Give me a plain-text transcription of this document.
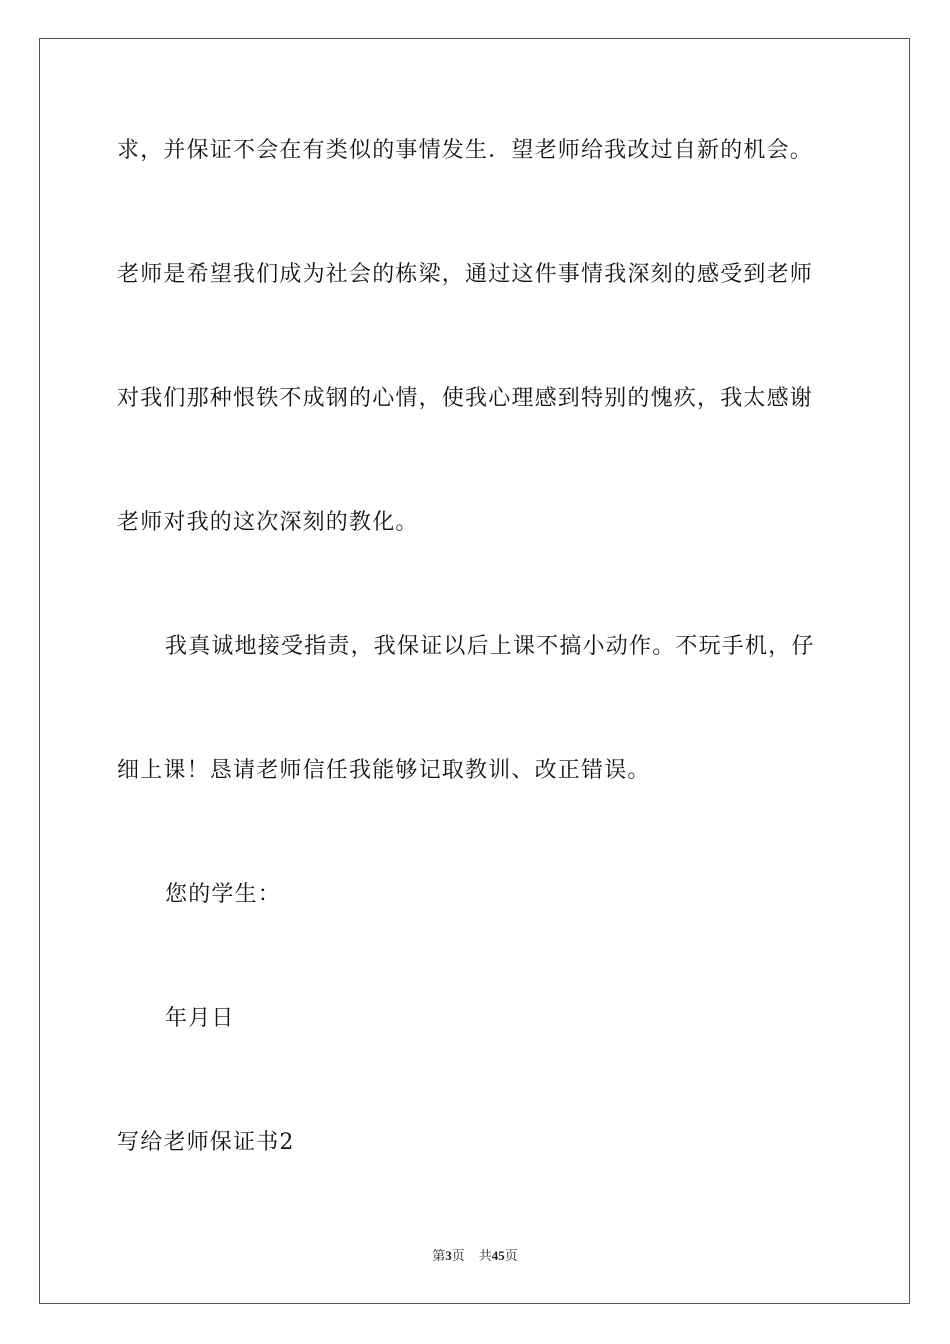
求，并保证不会在有类似的事情发生．望老师给我改过自新的机会。
老师是希望我们成为社会的栋梁，通过这件事情我深刻的感受到老师
对我们那种恨铁不成钢的心情，使我心理感到特别的愧疚，我太感谢
老师对我的这次深刻的教化。
我真诚地接受指责，我保证以后上课不搞小动作。不玩手机，仔
细上课！恳请老师信任我能够记取教训、改正错误。
您的学生：
年月日
写给老师保证书2
第3页 共45页
